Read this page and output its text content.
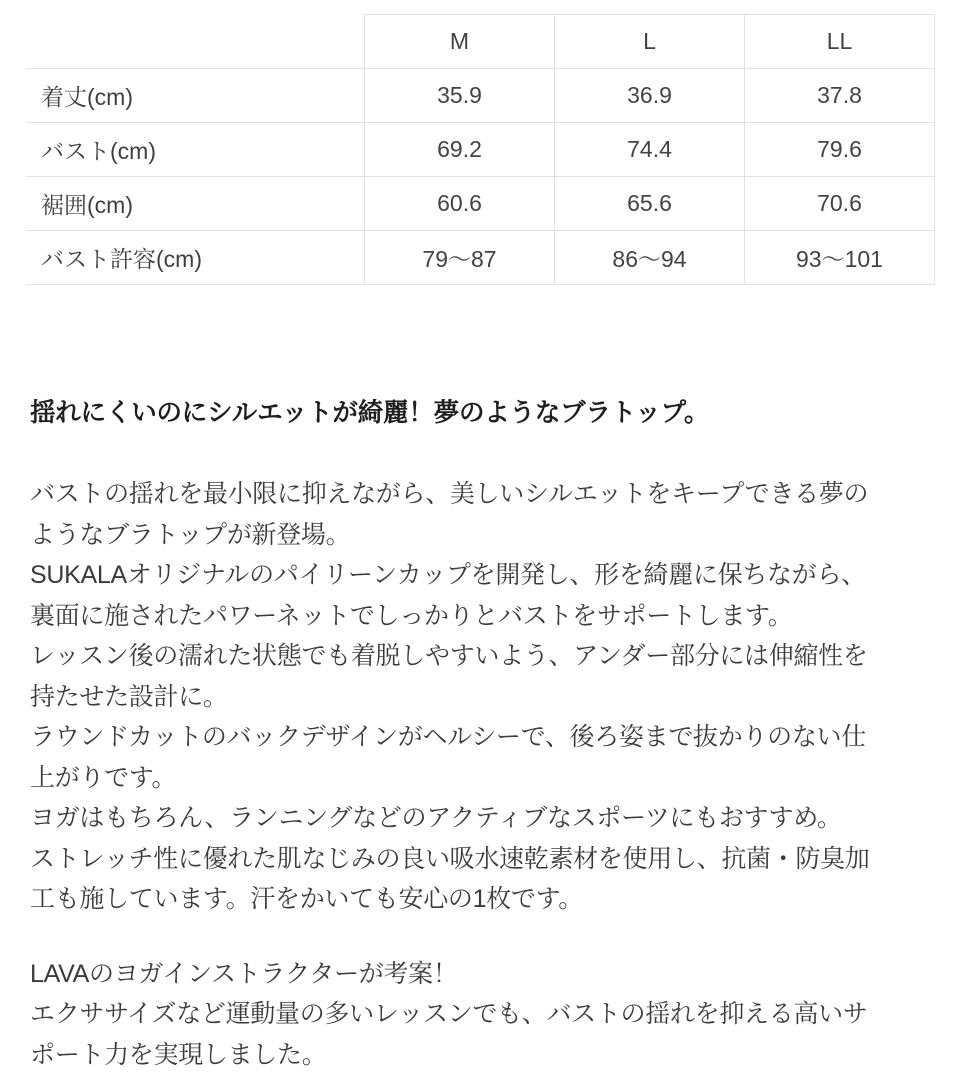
	M	L	LL
着丈(cm)	35.9	36.9	37.8
バスト(cm)	69.2	74.4	79.6
裾囲(cm)	60.6	65.6	70.6
バスト許容(cm)	79〜87	86〜94	93〜101
揺れにくいのにシルエットが綺麗！夢のようなブラトップ。

バストの揺れを最小限に抑えながら、美しいシルエットをキープできる夢の
ようなブラトップが新登場。
SUKALAオリジナルのパイリーンカップを開発し、形を綺麗に保ちながら、
裏面に施されたパワーネットでしっかりとバストをサポートします。
レッスン後の濡れた状態でも着脱しやすいよう、アンダー部分には伸縮性を
持たせた設計に。
ラウンドカットのバックデザインがヘルシーで、後ろ姿まで抜かりのない仕
上がりです。
ヨガはもちろん、ランニングなどのアクティブなスポーツにもおすすめ。
ストレッチ性に優れた肌なじみの良い吸水速乾素材を使用し、抗菌・防臭加
工も施しています。汗をかいても安心の1枚です。

LAVAのヨガインストラクターが考案！
エクササイズなど運動量の多いレッスンでも、バストの揺れを抑える高いサ
ポート力を実現しました。
